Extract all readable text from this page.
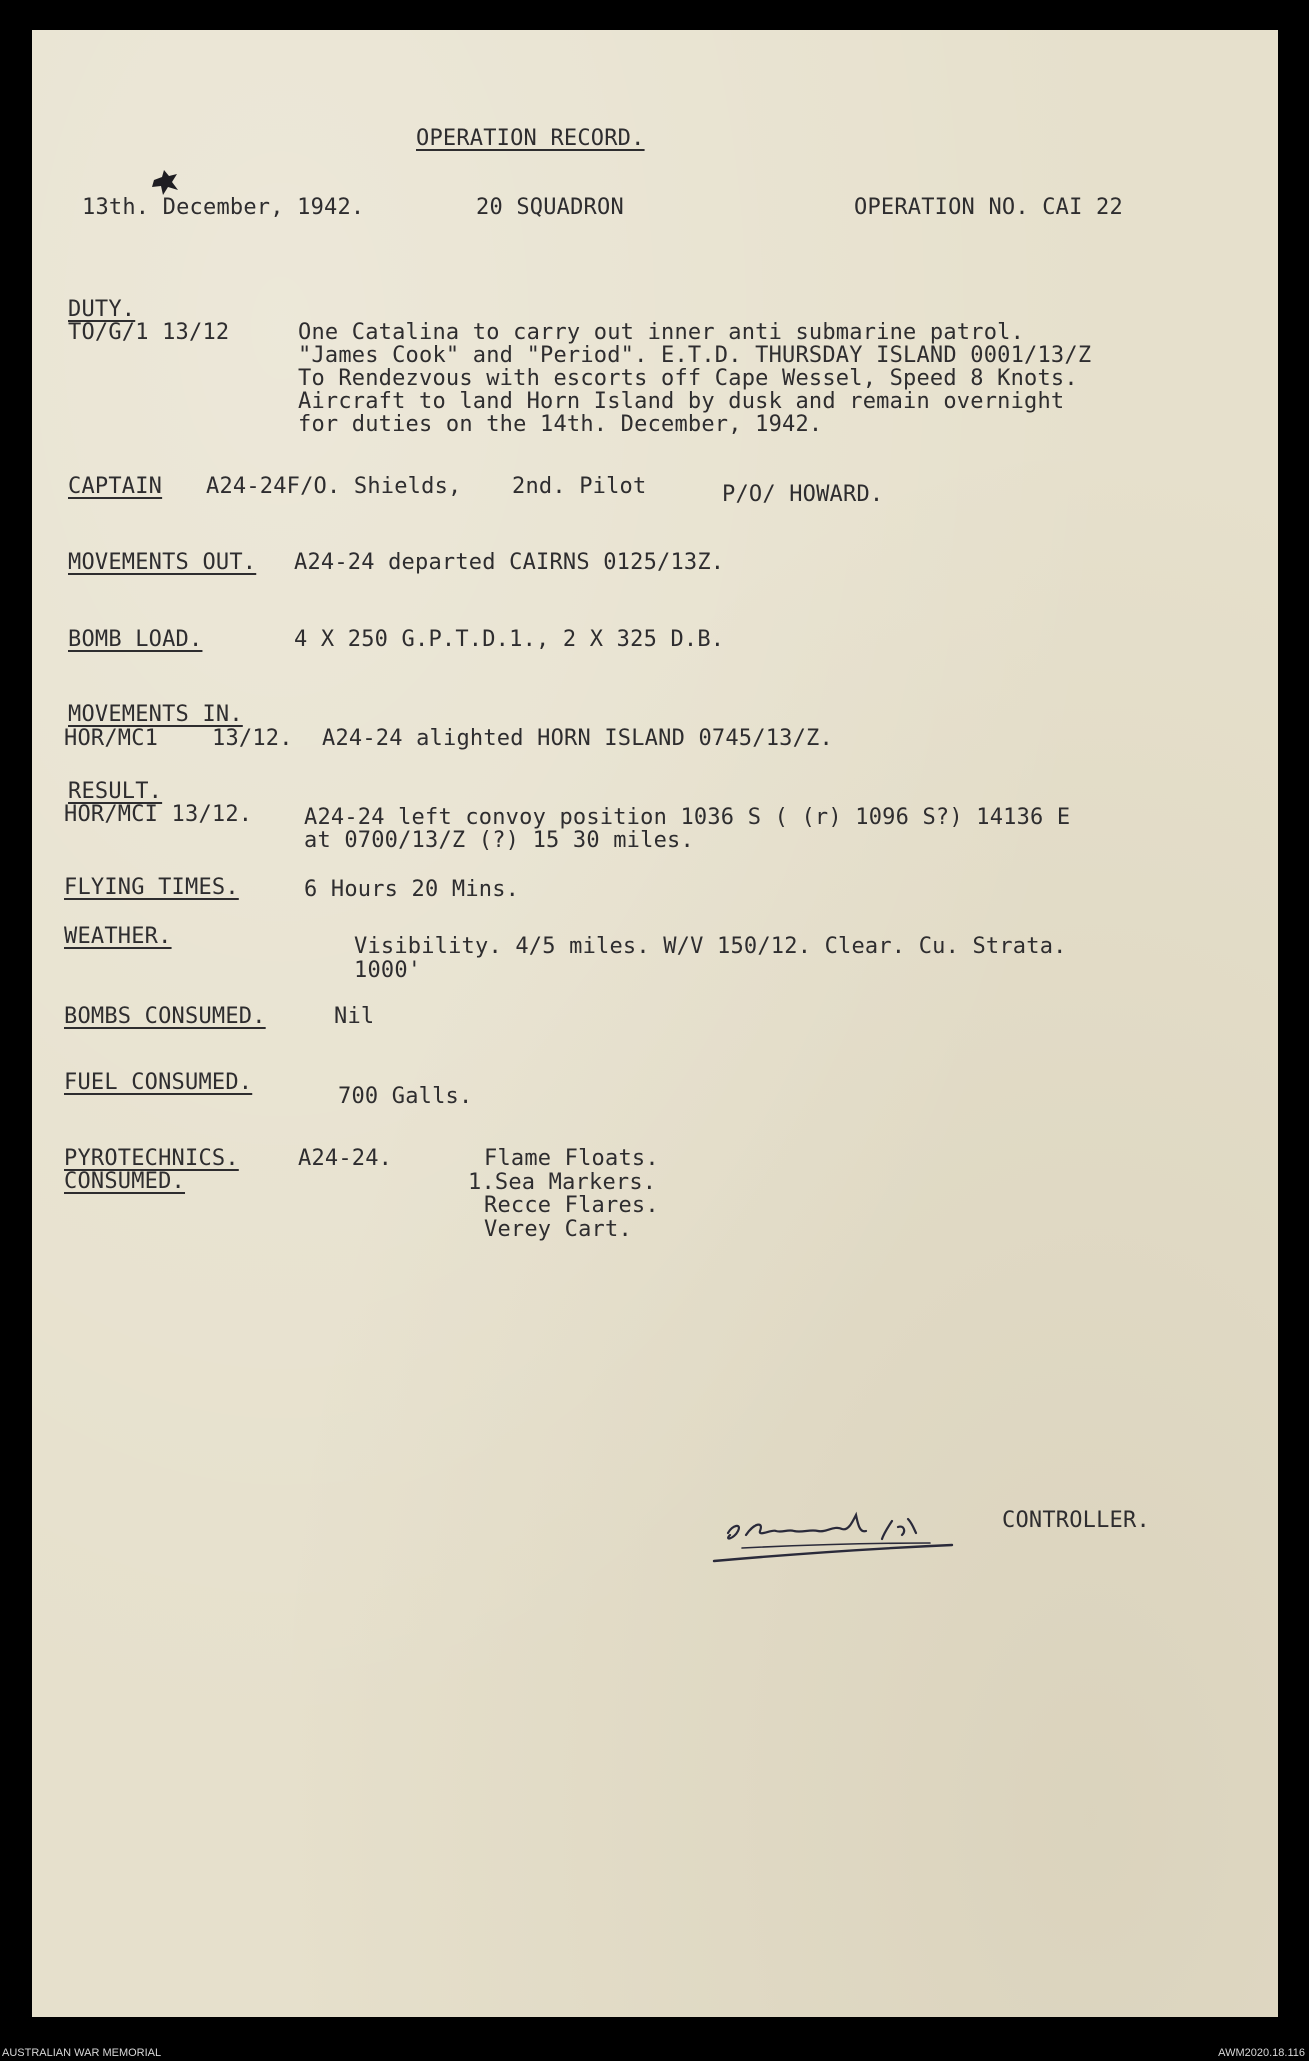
OPERATION RECORD.
13th. December, 1942.	20 SQUADRON	OPERATION NO. CAI 22
DUTY.
TO/G/1 13/12	One Catalina to carry out inner anti submarine patrol.
"James Cook" and "Period". E.T.D. THURSDAY ISLAND 0001/13/Z
To Rendezvous with escorts off Cape Wessel, Speed 8 Knots.
Aircraft to land Horn Island by dusk and remain overnight
for duties on the 14th. December, 1942.
CAPTAIN A24-24F/O. Shields, 2nd. Pilot	P/O/ HOWARD.
MOVEMENTS OUT. A24-24 departed CAIRNS 0125/13Z.
BOMB LOAD.	4 X 250 G.P.T.D.1., 2 X 325 D.B.
MOVEMENTS IN.
HOR/MC1 13/12. A24-24 alighted HORN ISLAND 0745/13/Z.
RESULT.
HOR/MCI 13/12. A24-24 left convoy position 1036 S ( (r) 1096 S?) 14136 E
at 0700/13/Z (?) 15 30 miles.
FLYING TIMES.	6 Hours 20 Mins.
WEATHER.	Visibility. 4/5 miles. W/V 150/12. Clear. Cu. Strata.
1000'
BOMBS CONSUMED.	Nil
FUEL CONSUMED.
700 Galls.
PYROTECHNICS.
CONSUMED.
A24-24.	Flame Floats.
1.Sea Markers.
Recce Flares.
Verey Cart.
CONTROLLER.
AUSTRALIAN WAR MEMORIAL	AWM2020.18.116
